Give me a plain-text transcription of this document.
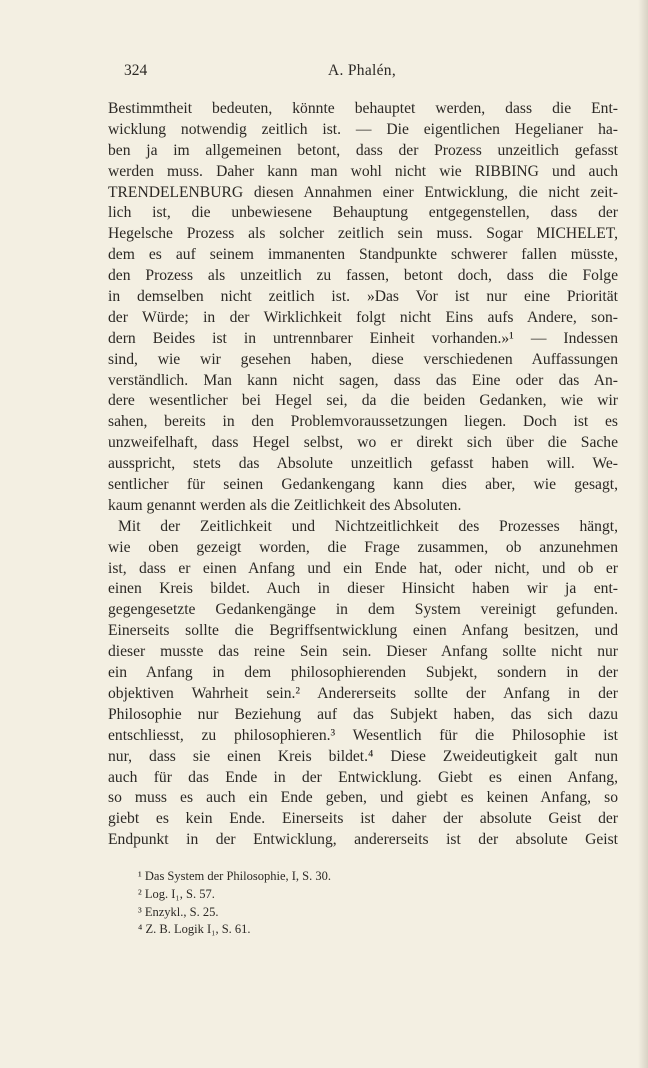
324	A. Phalén,
Bestimmtheit bedeuten, könnte behauptet werden, dass die Ent-
wicklung notwendig zeitlich ist. — Die eigentlichen Hegelianer ha-
ben ja im allgemeinen betont, dass der Prozess unzeitlich gefasst
werden muss. Daher kann man wohl nicht wie RIBBING und auch
TRENDELENBURG diesen Annahmen einer Entwicklung, die nicht zeit-
lich ist, die unbewiesene Behauptung entgegenstellen, dass der
Hegelsche Prozess als solcher zeitlich sein muss. Sogar MICHELET,
dem es auf seinem immanenten Standpunkte schwerer fallen müsste,
den Prozess als unzeitlich zu fassen, betont doch, dass die Folge
in demselben nicht zeitlich ist. »Das Vor ist nur eine Priorität
der Würde; in der Wirklichkeit folgt nicht Eins aufs Andere, son-
dern Beides ist in untrennbarer Einheit vorhanden.»¹ — Indessen
sind, wie wir gesehen haben, diese verschiedenen Auffassungen
verständlich. Man kann nicht sagen, dass das Eine oder das An-
dere wesentlicher bei Hegel sei, da die beiden Gedanken, wie wir
sahen, bereits in den Problemvoraussetzungen liegen. Doch ist es
unzweifelhaft, dass Hegel selbst, wo er direkt sich über die Sache
ausspricht, stets das Absolute unzeitlich gefasst haben will. We-
sentlicher für seinen Gedankengang kann dies aber, wie gesagt,
kaum genannt werden als die Zeitlichkeit des Absoluten.
Mit der Zeitlichkeit und Nichtzeitlichkeit des Prozesses hängt,
wie oben gezeigt worden, die Frage zusammen, ob anzunehmen
ist, dass er einen Anfang und ein Ende hat, oder nicht, und ob er
einen Kreis bildet. Auch in dieser Hinsicht haben wir ja ent-
gegengesetzte Gedankengänge in dem System vereinigt gefunden.
Einerseits sollte die Begriffsentwicklung einen Anfang besitzen, und
dieser musste das reine Sein sein. Dieser Anfang sollte nicht nur
ein Anfang in dem philosophierenden Subjekt, sondern in der
objektiven Wahrheit sein.² Andererseits sollte der Anfang in der
Philosophie nur Beziehung auf das Subjekt haben, das sich dazu
entschliesst, zu philosophieren.³ Wesentlich für die Philosophie ist
nur, dass sie einen Kreis bildet.⁴ Diese Zweideutigkeit galt nun
auch für das Ende in der Entwicklung. Giebt es einen Anfang,
so muss es auch ein Ende geben, und giebt es keinen Anfang, so
giebt es kein Ende. Einerseits ist daher der absolute Geist der
Endpunkt in der Entwicklung, andererseits ist der absolute Geist
¹ Das System der Philosophie, I, S. 30.
² Log. I₁, S. 57.
³ Enzykl., S. 25.
⁴ Z. B. Logik I₁, S. 61.
